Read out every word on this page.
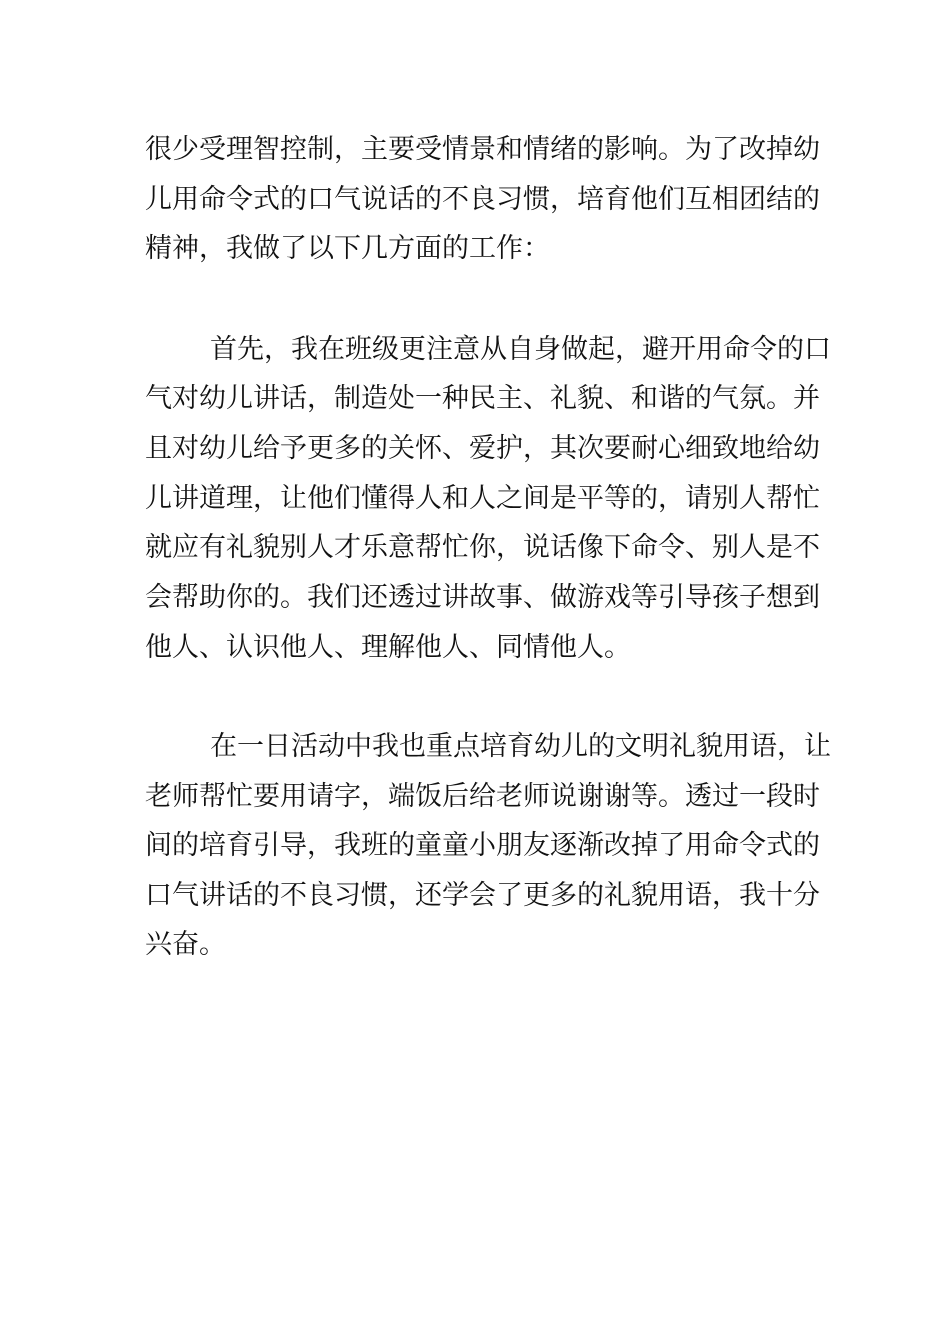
很少受理智控制，主要受情景和情绪的影响。为了改掉幼
儿用命令式的口气说话的不良习惯，培育他们互相团结的
精神，我做了以下几方面的工作：
首先，我在班级更注意从自身做起，避开用命令的口
气对幼儿讲话，制造处一种民主、礼貌、和谐的气氛。并
且对幼儿给予更多的关怀、爱护，其次要耐心细致地给幼
儿讲道理，让他们懂得人和人之间是平等的，请别人帮忙
就应有礼貌别人才乐意帮忙你，说话像下命令、别人是不
会帮助你的。我们还透过讲故事、做游戏等引导孩子想到
他人、认识他人、理解他人、同情他人。
在一日活动中我也重点培育幼儿的文明礼貌用语，让
老师帮忙要用请字，端饭后给老师说谢谢等。透过一段时
间的培育引导，我班的童童小朋友逐渐改掉了用命令式的
口气讲话的不良习惯，还学会了更多的礼貌用语，我十分
兴奋。
